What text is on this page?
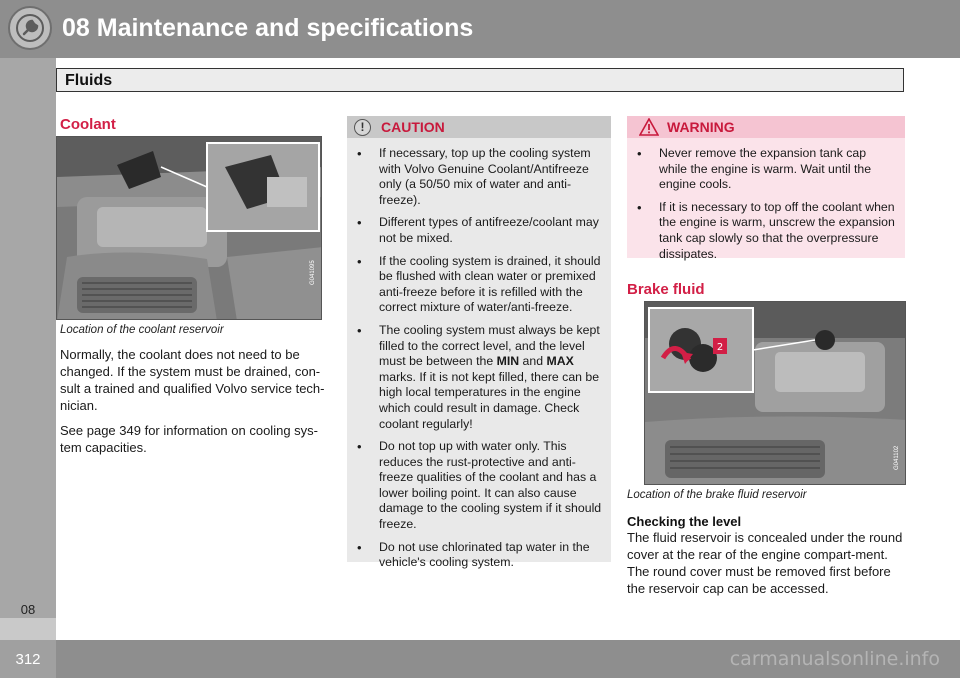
08 Maintenance and specifications
08
Fluids
Coolant
G041095
Location of the coolant reservoir

Normally, the coolant does not need to be changed. If the system must be drained, con-sult a trained and qualified Volvo service tech-nician.

See page 349 for information on cooling sys-tem capacities.

!	CAUTION
• If necessary, top up the cooling system with Volvo Genuine Coolant/Antifreeze only (a 50/50 mix of water and anti-freeze).
• Different types of antifreeze/coolant may not be mixed.
• If the cooling system is drained, it should be flushed with clean water or premixed anti-freeze before it is refilled with the correct mixture of water/anti-freeze.
• The cooling system must always be kept filled to the correct level, and the level must be between the MIN and MAX marks. If it is not kept filled, there can be high local temperatures in the engine which could result in damage. Check coolant regularly!
• Do not top up with water only. This reduces the rust-protective and anti-freeze qualities of the coolant and has a lower boiling point. It can also cause damage to the cooling system if it should freeze.
• Do not use chlorinated tap water in the vehicle's cooling system.
WARNING
• Never remove the expansion tank cap while the engine is warm. Wait until the engine cools.
• If it is necessary to top off the coolant when the engine is warm, unscrew the expansion tank cap slowly so that the overpressure dissipates.
Brake fluid
2
G041102
Location of the brake fluid reservoir
Checking the level

The fluid reservoir is concealed under the round cover at the rear of the engine compart-ment. The round cover must be removed first before the reservoir cap can be accessed.

312	carmanualsonline.info
